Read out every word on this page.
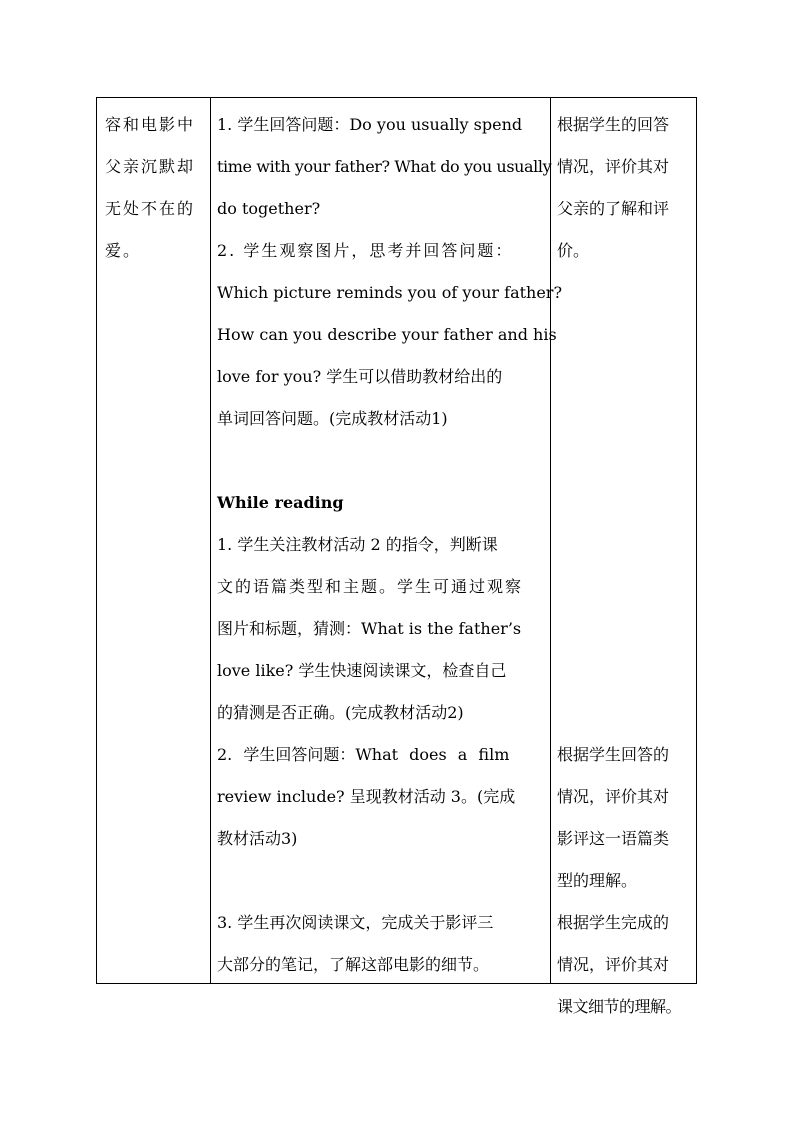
容和电影中
父亲沉默却
无处不在的
爱。
1. 学生回答问题：Do you usually spend
time with your father? What do you usually
do together?
2. 学生观察图片，思考并回答问题：
Which picture reminds you of your father?
How can you describe your father and his
love for you? 学生可以借助教材给出的
单词回答问题。(完成教材活动1)
While reading
1. 学生关注教材活动 2 的指令，判断课
文的语篇类型和主题。学生可通过观察
图片和标题，猜测：What is the father’s
love like? 学生快速阅读课文，检查自己
的猜测是否正确。(完成教材活动2)
2. 学生回答问题：What does a film
review include? 呈现教材活动 3。(完成
教材活动3)
3. 学生再次阅读课文，完成关于影评三
大部分的笔记，了解这部电影的细节。
根据学生的回答
情况，评价其对
父亲的了解和评
价。
根据学生回答的
情况，评价其对
影评这一语篇类
型的理解。
根据学生完成的
情况，评价其对
课文细节的理解。
